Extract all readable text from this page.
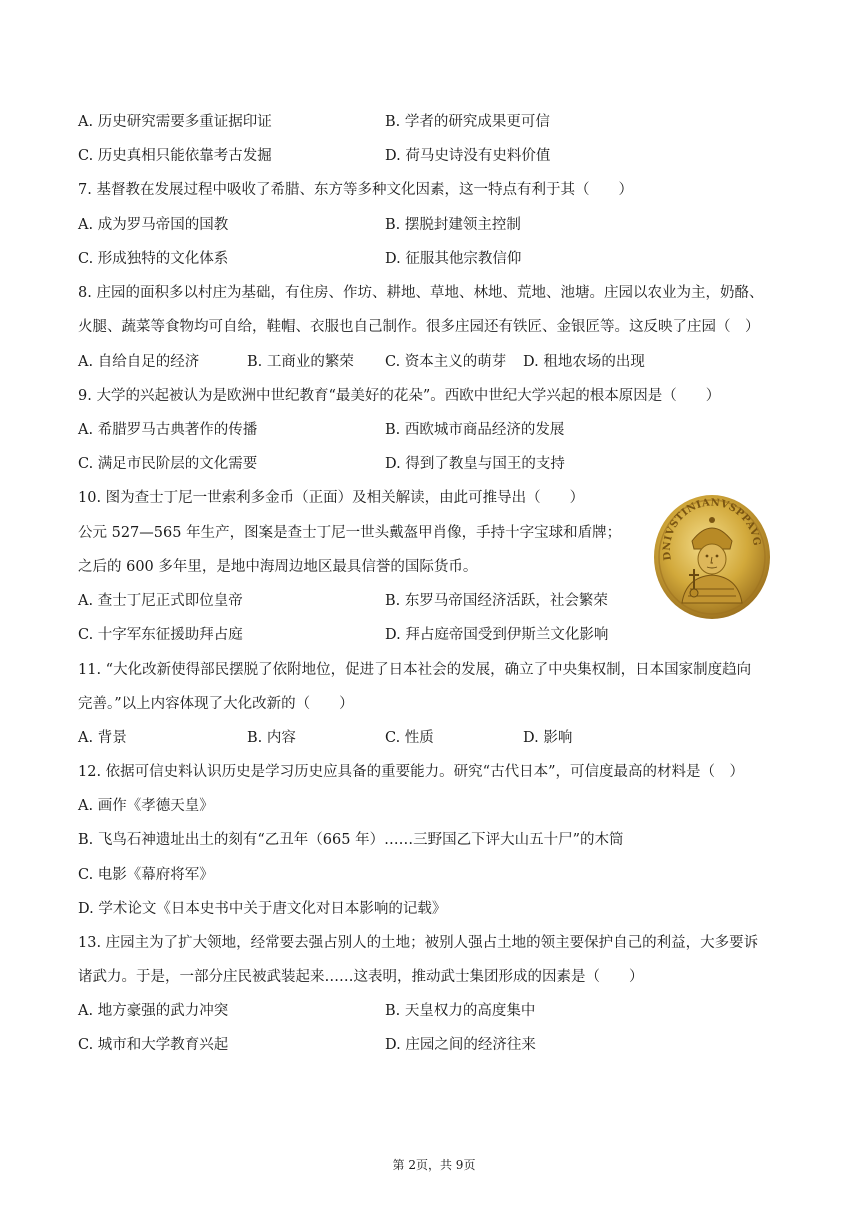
A. 历史研究需要多重证据印证	B. 学者的研究成果更可信
C. 历史真相只能依靠考古发掘	D. 荷马史诗没有史料价值
7. 基督教在发展过程中吸收了希腊、东方等多种文化因素，这一特点有利于其（　　）
A. 成为罗马帝国的国教	B. 摆脱封建领主控制
C. 形成独特的文化体系	D. 征服其他宗教信仰
8. 庄园的面积多以村庄为基础，有住房、作坊、耕地、草地、林地、荒地、池塘。庄园以农业为主，奶酪、
火腿、蔬菜等食物均可自给，鞋帽、衣服也自己制作。很多庄园还有铁匠、金银匠等。这反映了庄园（　）
A. 自给自足的经济	B. 工商业的繁荣 C. 资本主义的萌芽 D. 租地农场的出现
9. 大学的兴起被认为是欧洲中世纪教育“最美好的花朵”。西欧中世纪大学兴起的根本原因是（　　）
A. 希腊罗马古典著作的传播	B. 西欧城市商品经济的发展
C. 满足市民阶层的文化需要	D. 得到了教皇与国王的支持
10. 图为查士丁尼一世索利多金币（正面）及相关解读，由此可推导出（　　）
公元 527—565 年生产，图案是查士丁尼一世头戴盔甲肖像，手持十字宝球和盾牌；
之后的 600 多年里，是地中海周边地区最具信誉的国际货币。
A. 查士丁尼正式即位皇帝	B. 东罗马帝国经济活跃，社会繁荣
C. 十字军东征援助拜占庭	D. 拜占庭帝国受到伊斯兰文化影响
DNIVSTINIANVSPPAVG
11. “大化改新使得部民摆脱了依附地位，促进了日本社会的发展，确立了中央集权制，日本国家制度趋向
完善。”以上内容体现了大化改新的（　　）
A. 背景	B. 内容	C. 性质	D. 影响
12. 依据可信史料认识历史是学习历史应具备的重要能力。研究“古代日本”，可信度最高的材料是（　）
A. 画作《孝德天皇》
B. 飞鸟石神遗址出土的刻有“乙丑年（665 年）……三野国乙下评大山五十尸”的木筒
C. 电影《幕府将军》
D. 学术论文《日本史书中关于唐文化对日本影响的记载》
13. 庄园主为了扩大领地，经常要去强占别人的土地；被别人强占土地的领主要保护自己的利益，大多要诉
诸武力。于是，一部分庄民被武装起来……这表明，推动武士集团形成的因素是（　　）
A. 地方豪强的武力冲突	B. 天皇权力的高度集中
C. 城市和大学教育兴起	D. 庄园之间的经济往来
第 2页，共 9页
